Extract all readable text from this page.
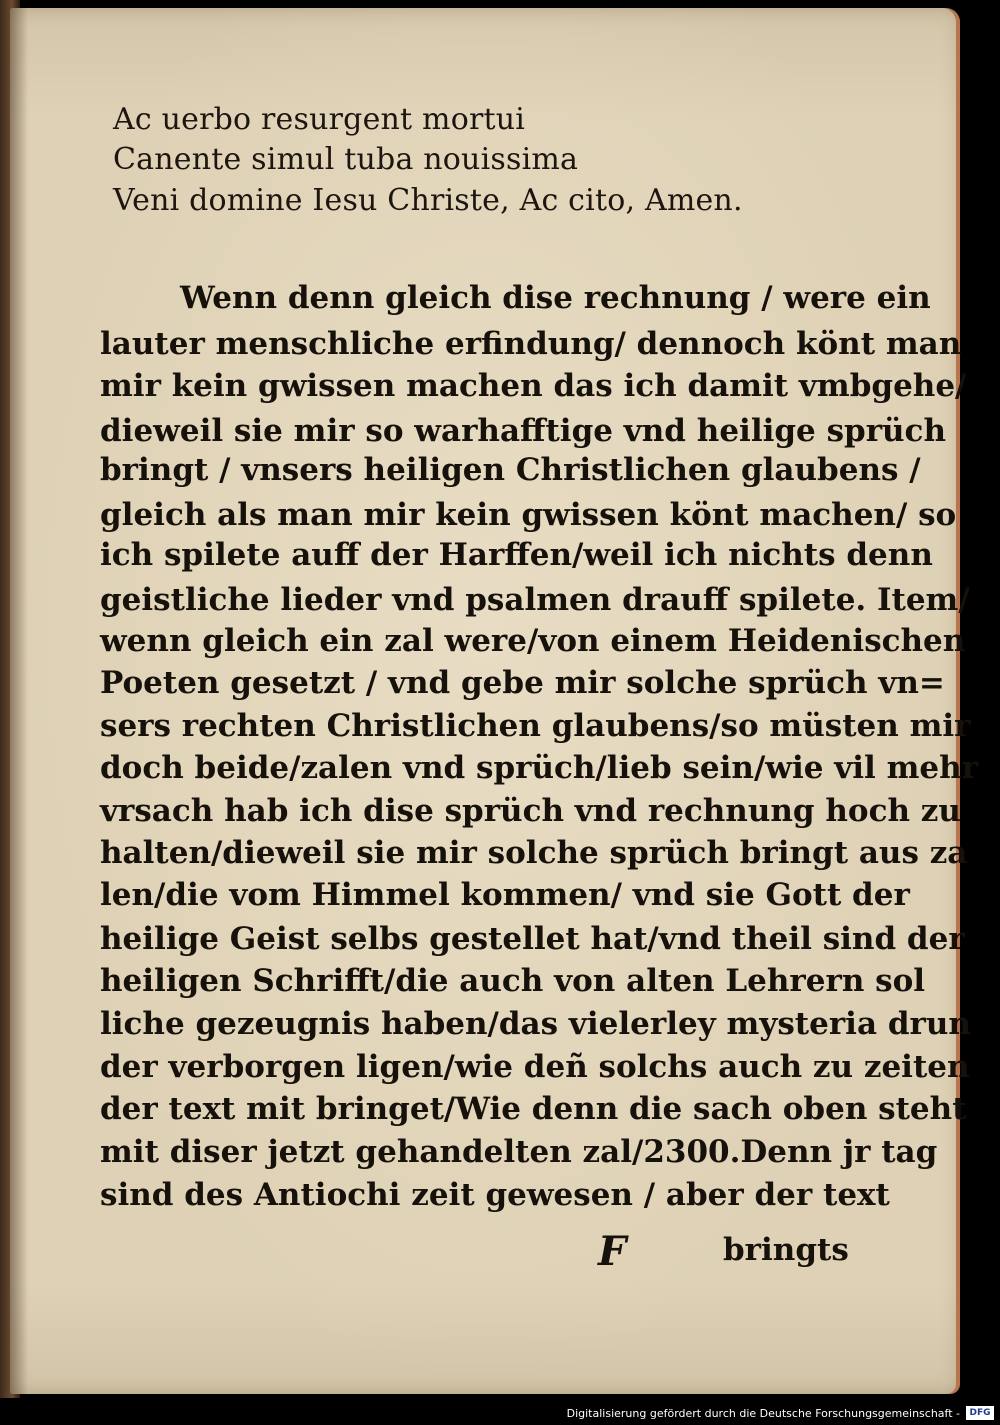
Ac uerbo resurgent mortui
Canente simul tuba nouissima
Veni domine Iesu Christe, Ac cito, Amen.
Wenn denn gleich dise rechnung / were ein
lauter menschliche erfindung/ dennoch könt man
mir kein gwissen machen das ich damit vmbgehe/
dieweil sie mir so warhafftige vnd heilige sprüch
bringt / vnsers heiligen Christlichen glaubens /
gleich als man mir kein gwissen könt machen/ so
ich spilete auff der Harffen/weil ich nichts denn
geistliche lieder vnd psalmen drauff spilete. Item/
wenn gleich ein zal were/von einem Heidenischen
Poeten gesetzt / vnd gebe mir solche sprüch vn=
sers rechten Christlichen glaubens/so müsten mir
doch beide/zalen vnd sprüch/lieb sein/wie vil mehr
vrsach hab ich dise sprüch vnd rechnung hoch zu
halten/dieweil sie mir solche sprüch bringt aus za
len/die vom Himmel kommen/ vnd sie Gott der
heilige Geist selbs gestellet hat/vnd theil sind der
heiligen Schrifft/die auch von alten Lehrern sol
liche gezeugnis haben/das vielerley mysteria drun
der verborgen ligen/wie deñ solchs auch zu zeiten
der text mit bringet/Wie denn die sach oben steht
mit diser jetzt gehandelten zal/2300.Denn jr tag
sind des Antiochi zeit gewesen / aber der text
F	bringts
Digitalisierung gefördert durch die Deutsche Forschungsgemeinschaft -	DFG
